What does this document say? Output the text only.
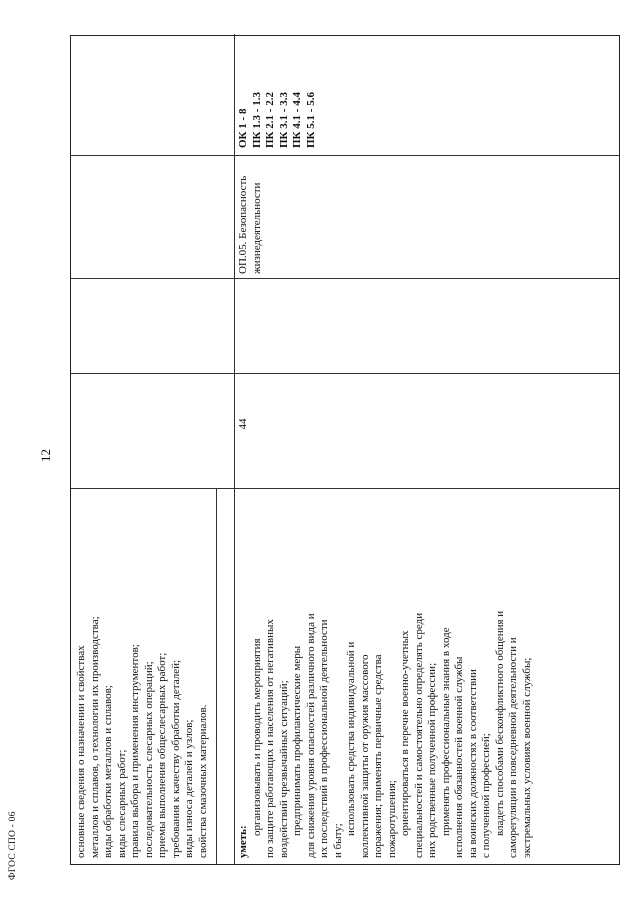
12

основные сведения о назначении и свойствах металлов и сплавов, о технологии их производства; виды обработки металлов и сплавов; виды слесарных работ; правила выбора и применения инструментов; последовательность слесарных операций; приемы выполнения общеслесарных работ; требования к качеству обработки деталей; виды износа деталей и узлов; свойства смазочных материалов.	уметь:

организовывать и проводить мероприятия по защите работающих и населения от негативных воздействий чрезвычайных ситуаций; предпринимать профилактические меры для снижения уровня опасностей различного вида и их последствий в профессиональной деятельности и быту;

использовать средства индивидуальной и коллективной защиты от оружия массового поражения; применять первичные средства пожаротушения; ориентироваться в перечне военно-учетных специальностей и самостоятельно определять среди них родственные полученной профессии; применять профессиональные знания в ходе исполнения обязанностей военной службы на воинских должностях в соответствии с полученной профессией; владеть способами бесконфликтного общения и саморегуляции в повседневной деятельности и экстремальных условиях военной службы;

44

ОП.05. Безопасность жизнедеятельности

ОК 1 - 8 ПК 1.3 - 1.3 ПК 2.1 - 2.2 ПК 3.1 - 3.3 ПК 4.1 - 4.4 ПК 5.1 - 5.6

ФГОС СПО - 06
